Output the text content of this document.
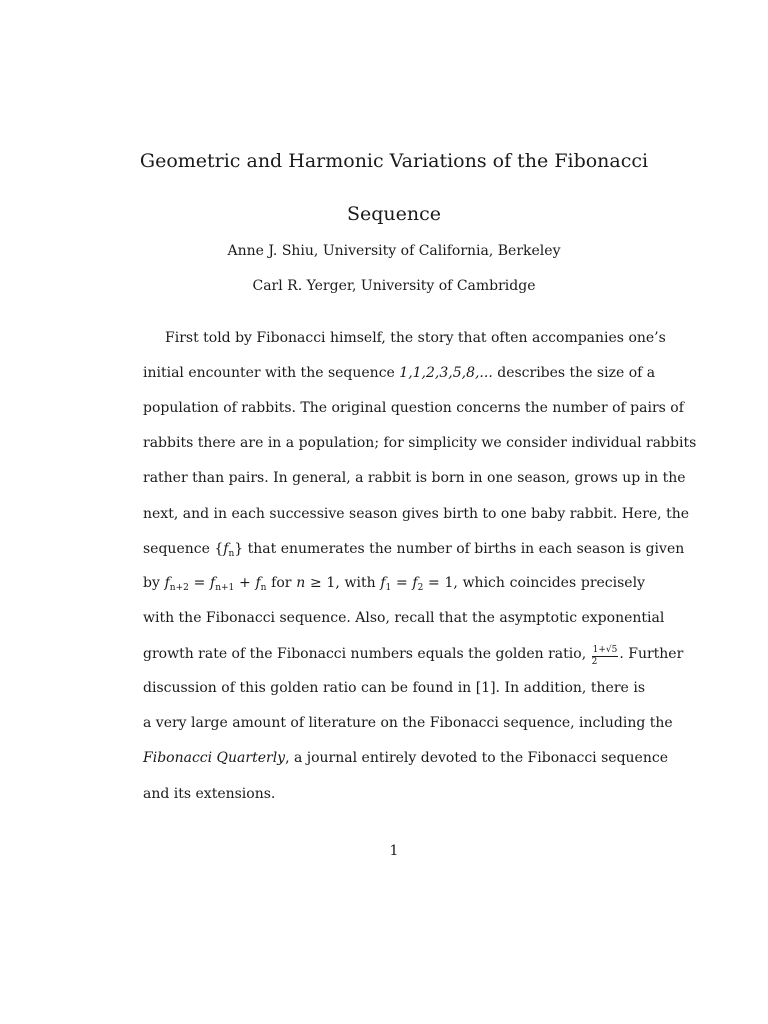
Geometric and Harmonic Variations of the Fibonacci
Sequence
Anne J. Shiu, University of California, Berkeley
Carl R. Yerger, University of Cambridge
First told by Fibonacci himself, the story that often accompanies one’s
initial encounter with the sequence 1,1,2,3,5,8,... describes the size of a
population of rabbits. The original question concerns the number of pairs of
rabbits there are in a population; for simplicity we consider individual rabbits
rather than pairs. In general, a rabbit is born in one season, grows up in the
next, and in each successive season gives birth to one baby rabbit. Here, the
sequence $\{f_n\}$ that enumerates the number of births in each season is given
by $f_{n+2} = f_{n+1} + f_n$ for n ≥ 1, with $f_1 = f_2 = 1$, which coincides precisely
with the Fibonacci sequence. Also, recall that the asymptotic exponential
growth rate of the Fibonacci numbers equals the golden ratio, $\frac{1+√5}{2}$ . Further
discussion of this golden ratio can be found in [1]. In addition, there is
a very large amount of literature on the Fibonacci sequence, including the
Fibonacci Quarterly, a journal entirely devoted to the Fibonacci sequence
and its extensions.
1
